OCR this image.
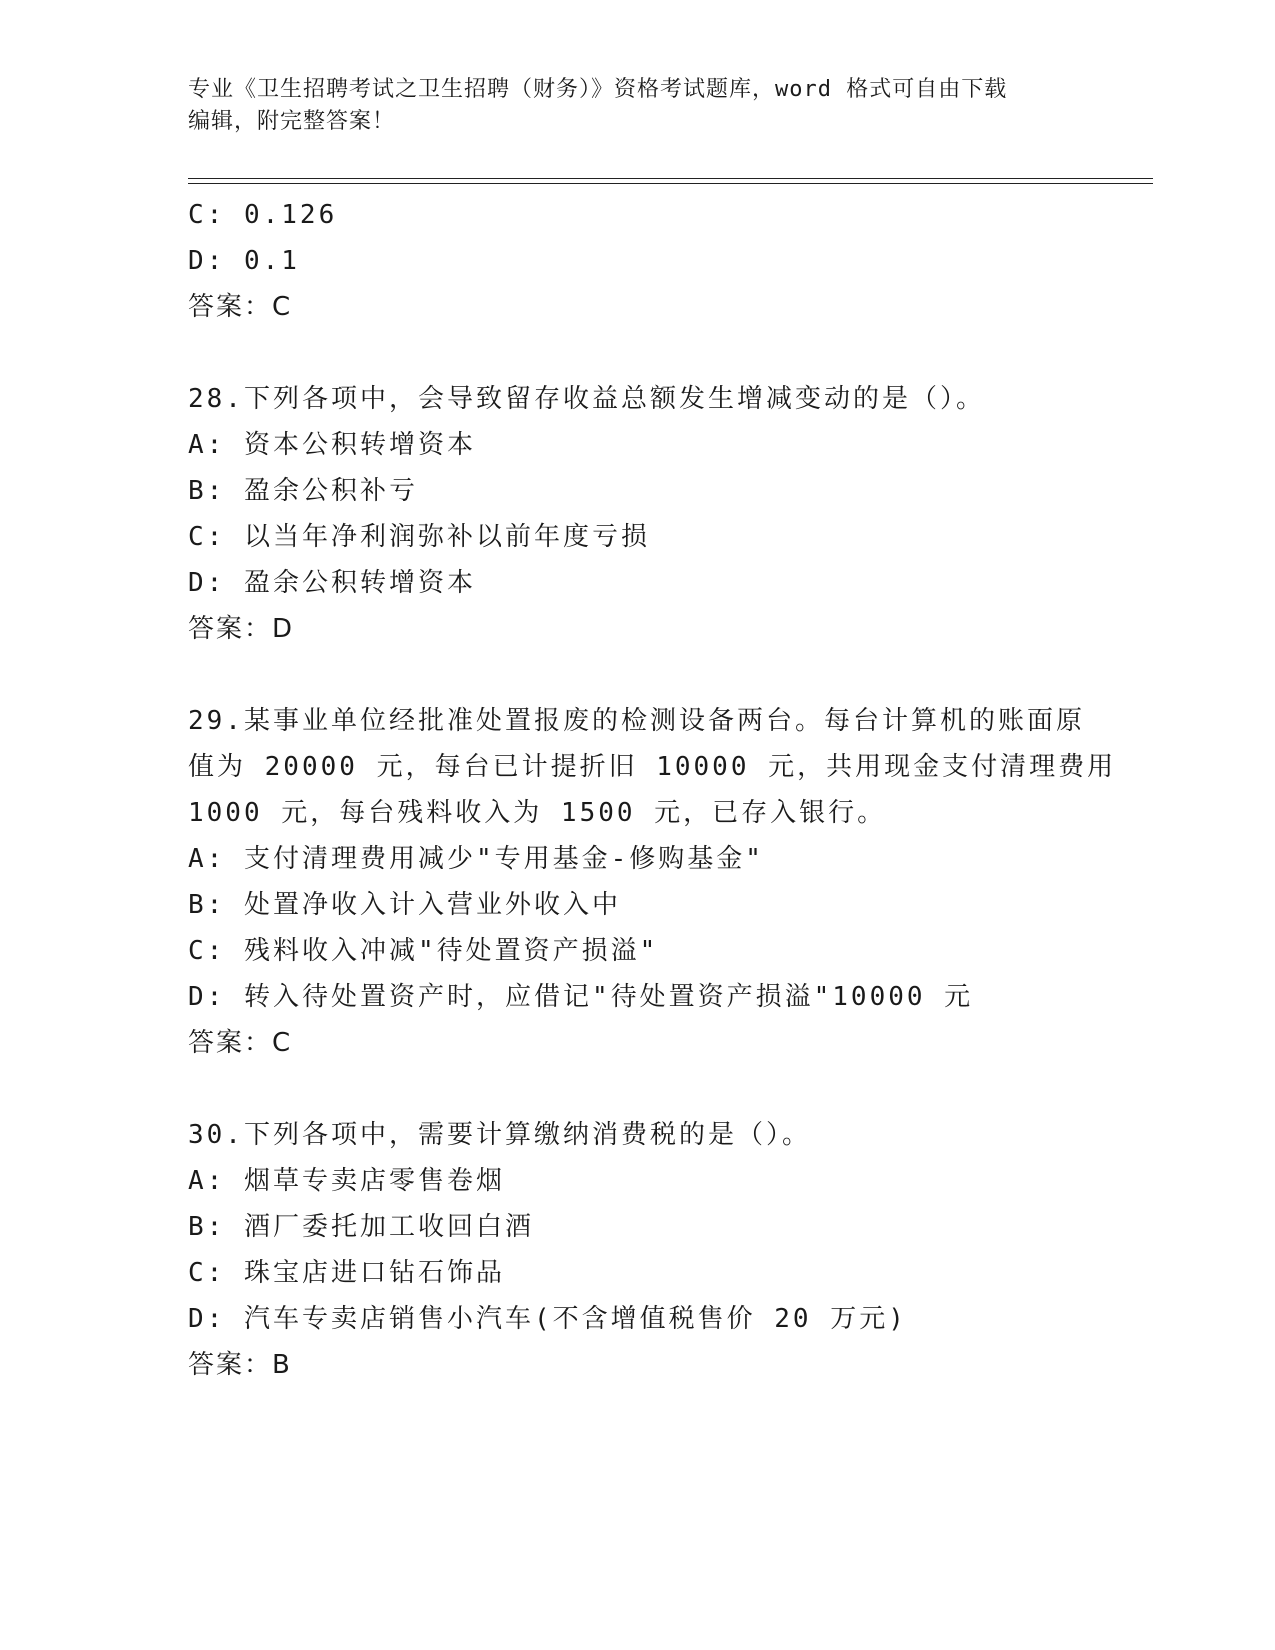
专业《卫生招聘考试之卫生招聘（财务）》资格考试题库，word 格式可自由下载
编辑，附完整答案！
C: 0.126
D: 0.1
答案：C
28.下列各项中，会导致留存收益总额发生增减变动的是（）。
A: 资本公积转增资本
B: 盈余公积补亏
C: 以当年净利润弥补以前年度亏损
D: 盈余公积转增资本
答案：D
29.某事业单位经批准处置报废的检测设备两台。每台计算机的账面原
值为 20000 元，每台已计提折旧 10000 元，共用现金支付清理费用
1000 元，每台残料收入为 1500 元，已存入银行。
A: 支付清理费用减少"专用基金-修购基金"
B: 处置净收入计入营业外收入中
C: 残料收入冲减"待处置资产损溢"
D: 转入待处置资产时，应借记"待处置资产损溢"10000 元
答案：C
30.下列各项中，需要计算缴纳消费税的是（）。
A: 烟草专卖店零售卷烟
B: 酒厂委托加工收回白酒
C: 珠宝店进口钻石饰品
D: 汽车专卖店销售小汽车(不含增值税售价 20 万元)
答案：B
